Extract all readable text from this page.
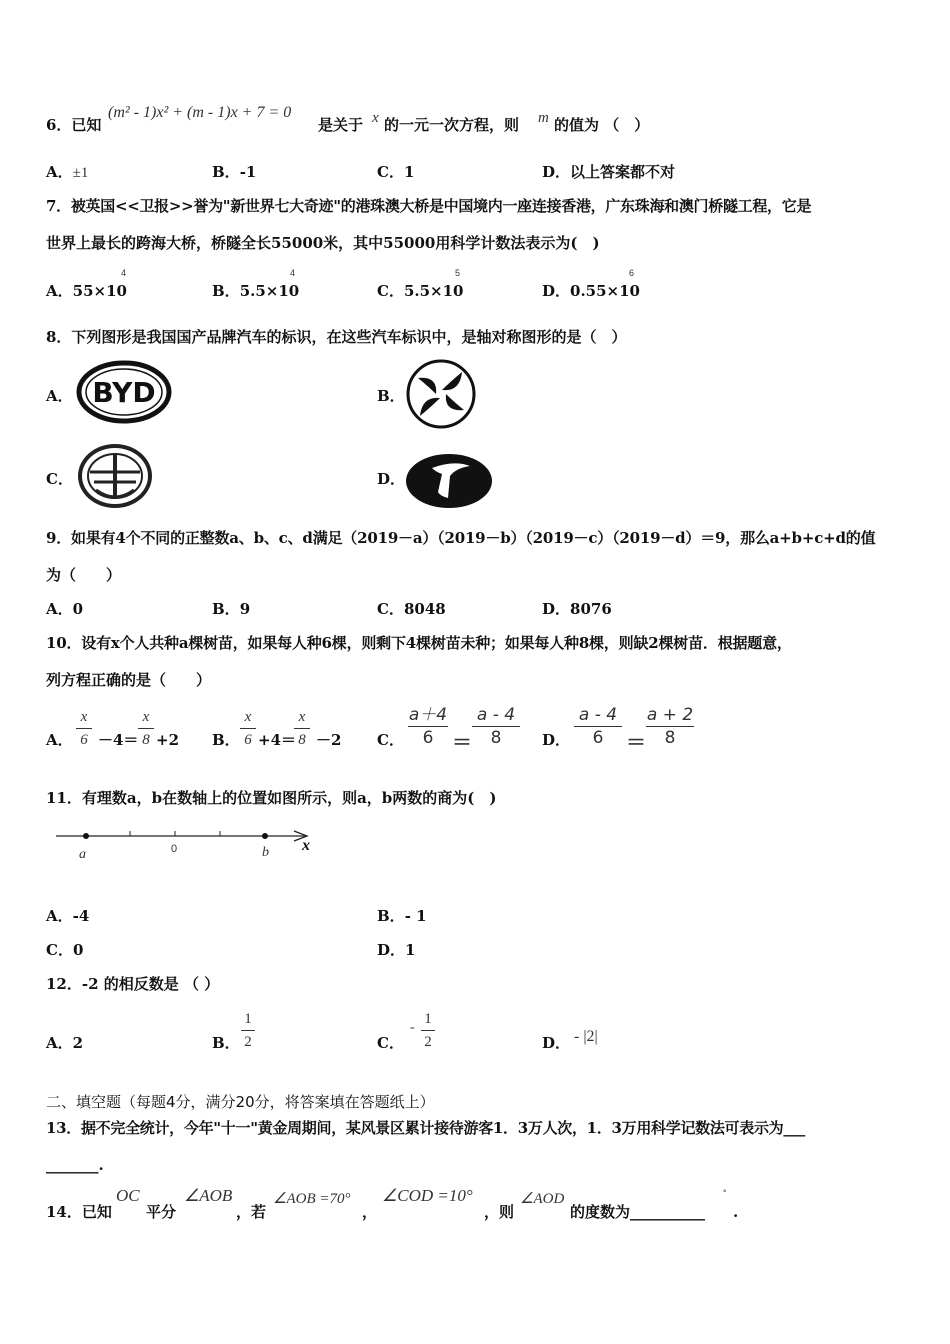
6．已知
(m² - 1)x² + (m - 1)x + 7 = 0
是关于 x 的一元一次方程，则 m 的值为 （　）
A．±1	B．-1	C．1	D．以上答案都不对
7．被英国<<卫报>>誉为"新世界七大奇迹"的港珠澳大桥是中国境内一座连接香港，广东珠海和澳门桥隧工程，它是
世界上最长的跨海大桥，桥隧全长55000米，其中55000用科学计数法表示为(　)
A．55×10
4
B．5.5×10
4
C．5.5×10
5
D．0.55×10
6
8．下列图形是我国国产品牌汽车的标识，在这些汽车标识中，是轴对称图形的是（　）
A． BYD	B．
C．	D．
9．如果有4个不同的正整数a、b、c、d满足（2019－a）（2019－b）（2019－c）（2019－d）＝9，那么a+b+c+d的值
为（　　）
A．0	B．9	C．8048	D．8076
10．设有x个人共种a棵树苗，如果每人种6棵，则剩下4棵树苗未种；如果每人种8棵，则缺2棵树苗．根据题意，
列方程正确的是（　　）
A．
x
6 －4＝
x
8 +2 B．
x
6 +4＝
x
8 －2 C．
a＋4
6 ＝
a - 4
8	D．
a - 4
6	＝
a + 2
8
11．有理数a，b在数轴上的位置如图所示，则a，b两数的商为(　)
a	0	b x
A．-4	B．- 1
C．0	D．1
12．-2 的相反数是 （ ）
A．2	B．
1
2	C．
-
1
2	D． - |2|
二、填空题（每题4分，满分20分，将答案填在答题纸上）
13．据不完全统计，今年"十一"黄金周期间，某风景区累计接待游客1．3万人次，1．3万用科学记数法可表示为___
_______.
14．已知
OC
平分
∠AOB
，若
∠AOB =70°
，
∠COD =10°
，则
∠AOD
的度数为__________
°
.
